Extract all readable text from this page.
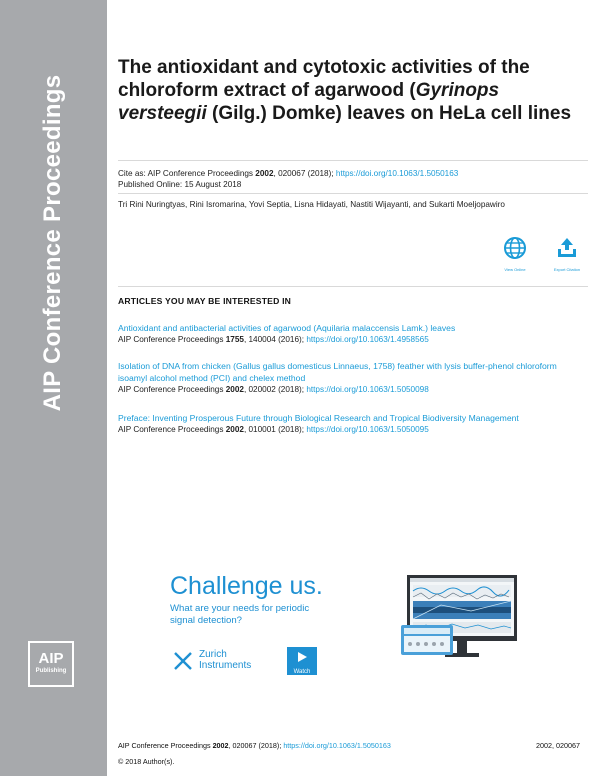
AIP Conference Proceedings
AIP
Publishing
The antioxidant and cytotoxic activities of the chloroform extract of agarwood (Gyrinops versteegii (Gilg.) Domke) leaves on HeLa cell lines
Cite as: AIP Conference Proceedings 2002, 020067 (2018); https://doi.org/10.1063/1.5050163
Published Online: 15 August 2018
Tri Rini Nuringtyas, Rini Isromarina, Yovi Septia, Lisna Hidayati, Nastiti Wijayanti, and Sukarti Moeljopawiro
View Online	Export Citation
ARTICLES YOU MAY BE INTERESTED IN
Antioxidant and antibacterial activities of agarwood (Aquilaria malaccensis Lamk.) leaves
AIP Conference Proceedings 1755, 140004 (2016); https://doi.org/10.1063/1.4958565
Isolation of DNA from chicken (Gallus gallus domesticus Linnaeus, 1758) feather with lysis buffer-phenol chloroform isoamyl alcohol method (PCI) and chelex method
AIP Conference Proceedings 2002, 020002 (2018); https://doi.org/10.1063/1.5050098
Preface: Inventing Prosperous Future through Biological Research and Tropical Biodiversity Management
AIP Conference Proceedings 2002, 010001 (2018); https://doi.org/10.1063/1.5050095
AIP Conference Proceedings 2002, 020067 (2018); https://doi.org/10.1063/1.5050163	2002, 020067
© 2018 Author(s).
Challenge us.
What are your needs for periodic signal detection?
Zurich
Instruments
Watch
